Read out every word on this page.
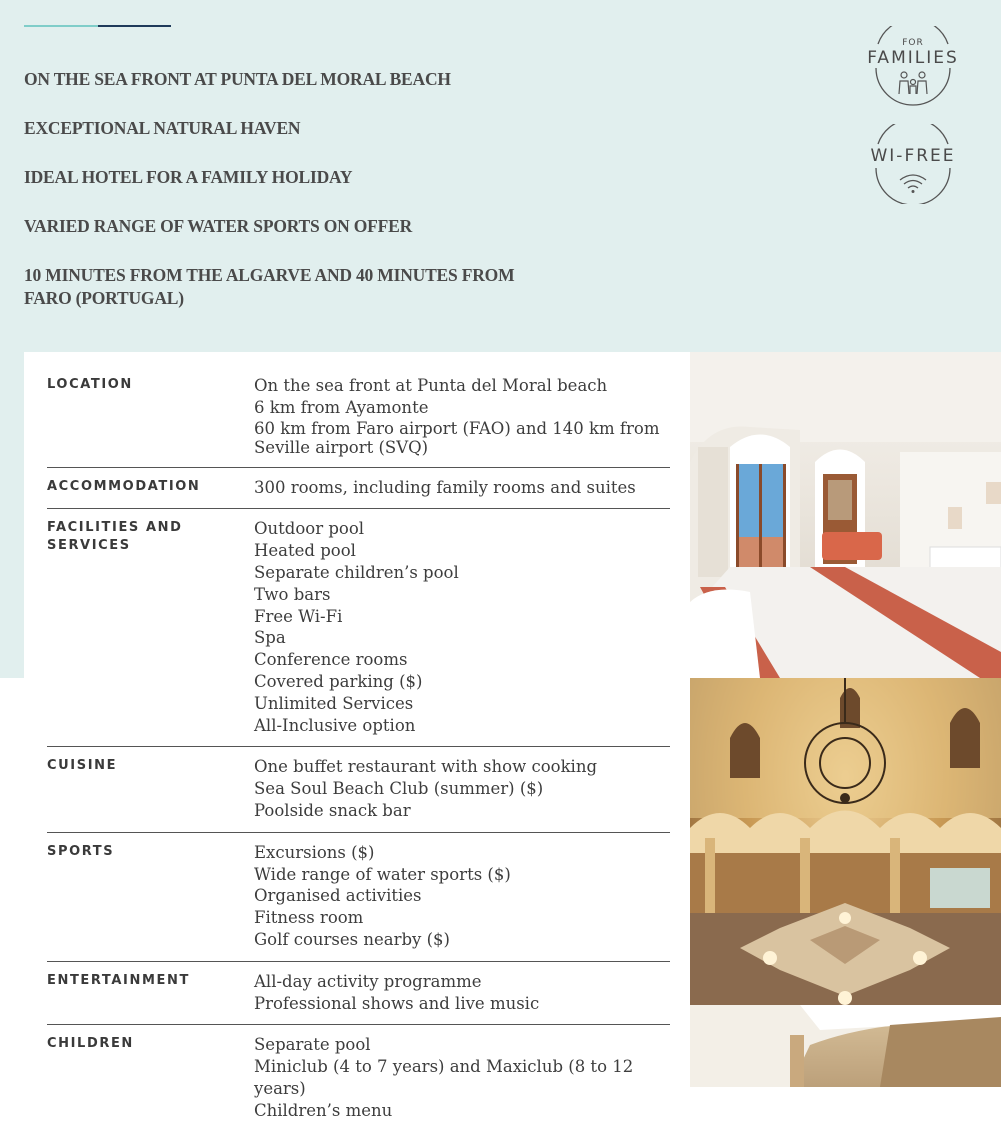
ON THE SEA FRONT AT PUNTA DEL MORAL BEACH
EXCEPTIONAL NATURAL HAVEN
IDEAL HOTEL FOR A FAMILY HOLIDAY
VARIED RANGE OF WATER SPORTS ON OFFER
10 MINUTES FROM THE ALGARVE AND 40 MINUTES FROM FARO (PORTUGAL)
FOR
FAMILIES
WI-FREE
LOCATION	On the sea front at Punta del Moral beach
6 km from Ayamonte
60 km from Faro airport (FAO) and 140 km from Seville airport (SVQ)
ACCOMMODATION	300 rooms, including family rooms and suites
FACILITIES AND SERVICES
Outdoor pool
Heated pool
Separate children’s pool
Two bars
Free Wi-Fi
Spa
Conference rooms
Covered parking ($)
Unlimited Services
All-Inclusive option
CUISINE	One buffet restaurant with show cooking
Sea Soul Beach Club (summer) ($)
Poolside snack bar
SPORTS	Excursions ($)
Wide range of water sports ($)
Organised activities
Fitness room
Golf courses nearby ($)
ENTERTAINMENT	All-day activity programme
Professional shows and live music
CHILDREN	Separate pool
Miniclub (4 to 7 years) and Maxiclub (8 to 12 years)
Children’s menu
